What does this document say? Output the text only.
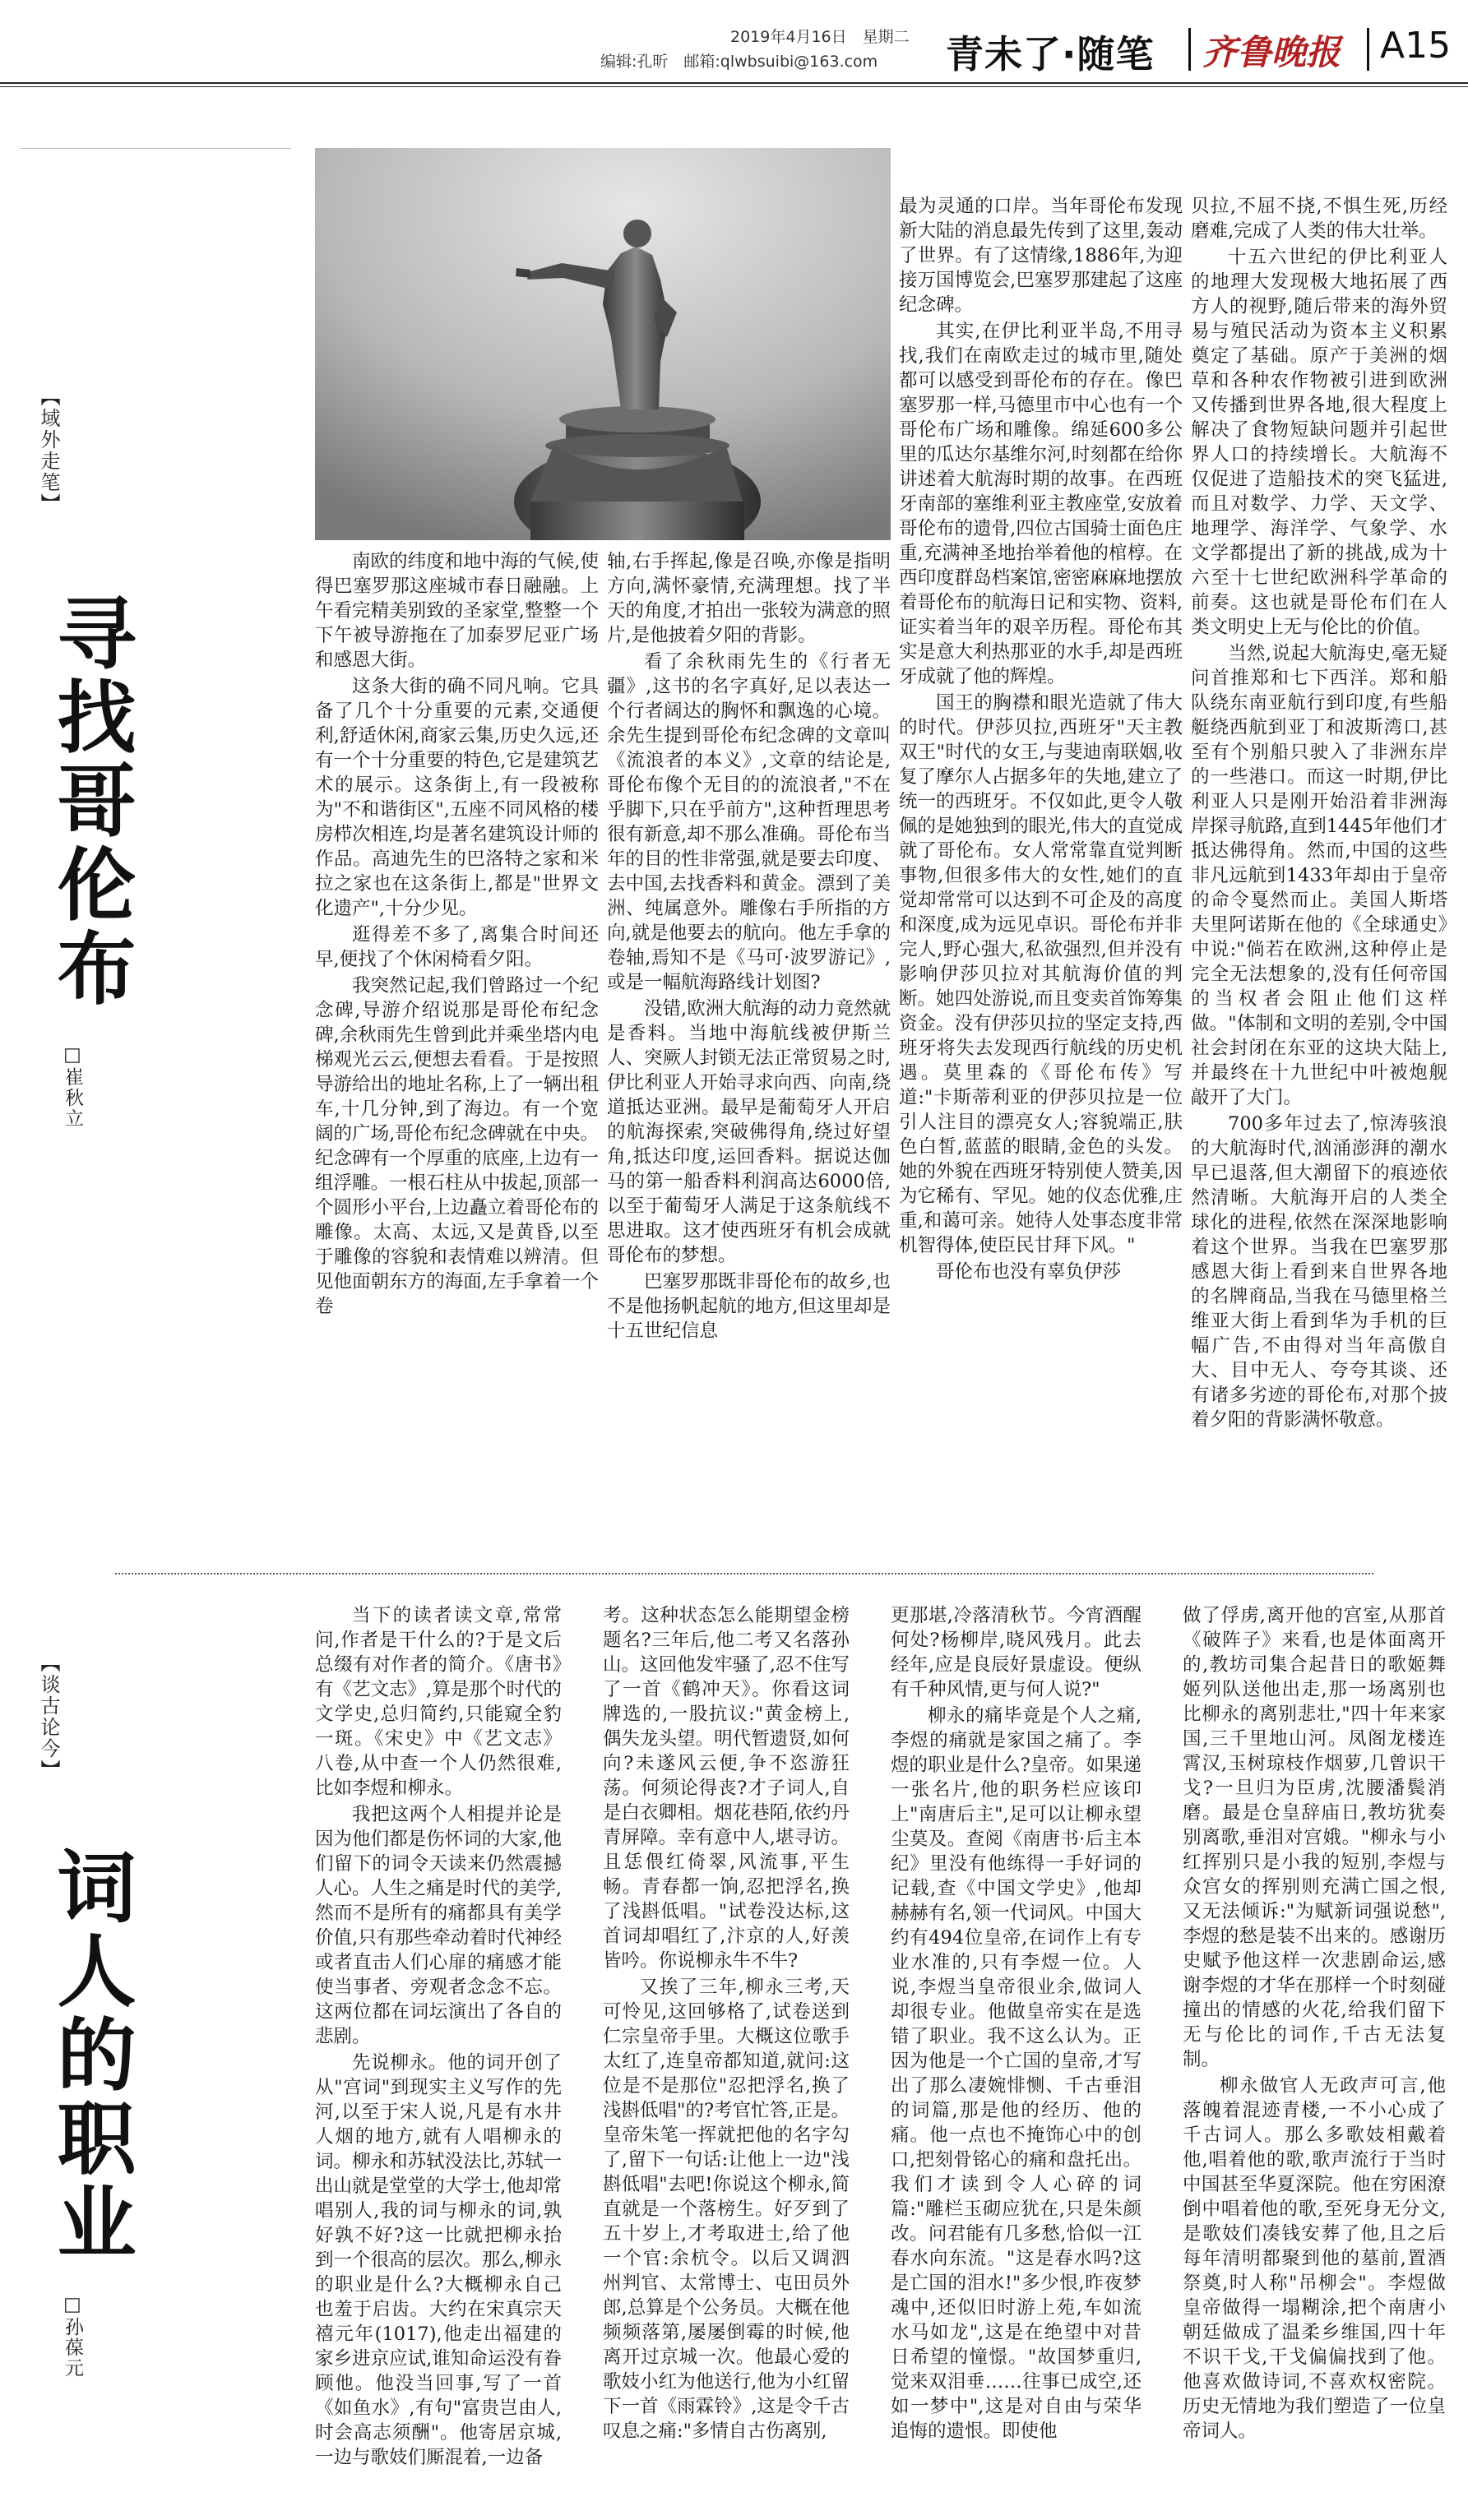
2019年4月16日　星期二
编辑:孔昕　邮箱:qlwbsuibi@163.com 青未了·随笔 齐鲁晚报 A15
【域外走笔】
寻找哥伦布
□崔秋立

南欧的纬度和地中海的气候,使得巴塞罗那这座城市春日融融。上午看完精美别致的圣家堂,整整一个下午被导游拖在了加泰罗尼亚广场和感恩大街。

这条大街的确不同凡响。它具备了几个十分重要的元素,交通便利,舒适休闲,商家云集,历史久远,还有一个十分重要的特色,它是建筑艺术的展示。这条街上,有一段被称为"不和谐街区",五座不同风格的楼房栉次相连,均是著名建筑设计师的作品。高迪先生的巴洛特之家和米拉之家也在这条街上,都是"世界文化遗产",十分少见。

逛得差不多了,离集合时间还早,便找了个休闲椅看夕阳。

我突然记起,我们曾路过一个纪念碑,导游介绍说那是哥伦布纪念碑,余秋雨先生曾到此并乘坐塔内电梯观光云云,便想去看看。于是按照导游给出的地址名称,上了一辆出租车,十几分钟,到了海边。有一个宽阔的广场,哥伦布纪念碑就在中央。纪念碑有一个厚重的底座,上边有一组浮雕。一根石柱从中拔起,顶部一个圆形小平台,上边矗立着哥伦布的雕像。太高、太远,又是黄昏,以至于雕像的容貌和表情难以辨清。但见他面朝东方的海面,左手拿着一个卷

轴,右手挥起,像是召唤,亦像是指明方向,满怀豪情,充满理想。找了半天的角度,才拍出一张较为满意的照片,是他披着夕阳的背影。

看了余秋雨先生的《行者无疆》,这书的名字真好,足以表达一个行者阔达的胸怀和飘逸的心境。余先生提到哥伦布纪念碑的文章叫《流浪者的本义》,文章的结论是,哥伦布像个无目的的流浪者,"不在乎脚下,只在乎前方",这种哲理思考很有新意,却不那么准确。哥伦布当年的目的性非常强,就是要去印度、去中国,去找香料和黄金。漂到了美洲、纯属意外。雕像右手所指的方向,就是他要去的航向。他左手拿的卷轴,焉知不是《马可·波罗游记》,或是一幅航海路线计划图?

没错,欧洲大航海的动力竟然就是香料。当地中海航线被伊斯兰人、突厥人封锁无法正常贸易之时,伊比利亚人开始寻求向西、向南,绕道抵达亚洲。最早是葡萄牙人开启的航海探索,突破佛得角,绕过好望角,抵达印度,运回香料。据说达伽马的第一船香料利润高达6000倍,以至于葡萄牙人满足于这条航线不思进取。这才使西班牙有机会成就哥伦布的梦想。

巴塞罗那既非哥伦布的故乡,也不是他扬帆起航的地方,但这里却是十五世纪信息

最为灵通的口岸。当年哥伦布发现新大陆的消息最先传到了这里,轰动了世界。有了这情缘,1886年,为迎接万国博览会,巴塞罗那建起了这座纪念碑。

其实,在伊比利亚半岛,不用寻找,我们在南欧走过的城市里,随处都可以感受到哥伦布的存在。像巴塞罗那一样,马德里市中心也有一个哥伦布广场和雕像。绵延600多公里的瓜达尔基维尔河,时刻都在给你讲述着大航海时期的故事。在西班牙南部的塞维利亚主教座堂,安放着哥伦布的遗骨,四位古国骑士面色庄重,充满神圣地抬举着他的棺椁。在西印度群岛档案馆,密密麻麻地摆放着哥伦布的航海日记和实物、资料,证实着当年的艰辛历程。哥伦布其实是意大利热那亚的水手,却是西班牙成就了他的辉煌。

国王的胸襟和眼光造就了伟大的时代。伊莎贝拉,西班牙"天主教双王"时代的女王,与斐迪南联姻,收复了摩尔人占据多年的失地,建立了统一的西班牙。不仅如此,更令人敬佩的是她独到的眼光,伟大的直觉成就了哥伦布。女人常常靠直觉判断事物,但很多伟大的女性,她们的直觉却常常可以达到不可企及的高度和深度,成为远见卓识。哥伦布并非完人,野心强大,私欲强烈,但并没有影响伊莎贝拉对其航海价值的判断。她四处游说,而且变卖首饰筹集资金。没有伊莎贝拉的坚定支持,西班牙将失去发现西行航线的历史机遇。莫里森的《哥伦布传》写道:"卡斯蒂利亚的伊莎贝拉是一位引人注目的漂亮女人;容貌端正,肤色白皙,蓝蓝的眼睛,金色的头发。她的外貌在西班牙特别使人赞美,因为它稀有、罕见。她的仪态优雅,庄重,和蔼可亲。她待人处事态度非常机智得体,使臣民甘拜下风。"

哥伦布也没有辜负伊莎

贝拉,不屈不挠,不惧生死,历经磨难,完成了人类的伟大壮举。

十五六世纪的伊比利亚人的地理大发现极大地拓展了西方人的视野,随后带来的海外贸易与殖民活动为资本主义积累奠定了基础。原产于美洲的烟草和各种农作物被引进到欧洲又传播到世界各地,很大程度上解决了食物短缺问题并引起世界人口的持续增长。大航海不仅促进了造船技术的突飞猛进,而且对数学、力学、天文学、地理学、海洋学、气象学、水文学都提出了新的挑战,成为十六至十七世纪欧洲科学革命的前奏。这也就是哥伦布们在人类文明史上无与伦比的价值。

当然,说起大航海史,毫无疑问首推郑和七下西洋。郑和船队绕东南亚航行到印度,有些船艇绕西航到亚丁和波斯湾口,甚至有个别船只驶入了非洲东岸的一些港口。而这一时期,伊比利亚人只是刚开始沿着非洲海岸探寻航路,直到1445年他们才抵达佛得角。然而,中国的这些非凡远航到1433年却由于皇帝的命令戛然而止。美国人斯塔夫里阿诺斯在他的《全球通史》中说:"倘若在欧洲,这种停止是完全无法想象的,没有任何帝国的当权者会阻止他们这样做。"体制和文明的差别,令中国社会封闭在东亚的这块大陆上,并最终在十九世纪中叶被炮舰敲开了大门。

700多年过去了,惊涛骇浪的大航海时代,汹涌澎湃的潮水早已退落,但大潮留下的痕迹依然清晰。大航海开启的人类全球化的进程,依然在深深地影响着这个世界。当我在巴塞罗那感恩大街上看到来自世界各地的名牌商品,当我在马德里格兰维亚大街上看到华为手机的巨幅广告,不由得对当年高傲自大、目中无人、夸夸其谈、还有诸多劣迹的哥伦布,对那个披着夕阳的背影满怀敬意。

【谈古论今】
词人的职业
□孙葆元

当下的读者读文章,常常问,作者是干什么的?于是文后总缀有对作者的简介。《唐书》有《艺文志》,算是那个时代的文学史,总归简约,只能窥全豹一斑。《宋史》中《艺文志》八卷,从中查一个人仍然很难,比如李煜和柳永。

我把这两个人相提并论是因为他们都是伤怀词的大家,他们留下的词令天读来仍然震撼人心。人生之痛是时代的美学,然而不是所有的痛都具有美学价值,只有那些牵动着时代神经或者直击人们心扉的痛感才能使当事者、旁观者念念不忘。这两位都在词坛演出了各自的悲剧。

先说柳永。他的词开创了从"宫词"到现实主义写作的先河,以至于宋人说,凡是有水井人烟的地方,就有人唱柳永的词。柳永和苏轼没法比,苏轼一出山就是堂堂的大学士,他却常唱别人,我的词与柳永的词,孰好孰不好?这一比就把柳永抬到一个很高的层次。那么,柳永的职业是什么?大概柳永自己也羞于启齿。大约在宋真宗天禧元年(1017),他走出福建的家乡进京应试,谁知命运没有眷顾他。他没当回事,写了一首《如鱼水》,有句"富贵岂由人,时会高志须酬"。他寄居京城,一边与歌妓们厮混着,一边备

考。这种状态怎么能期望金榜题名?三年后,他二考又名落孙山。这回他发牢骚了,忍不住写了一首《鹤冲天》。你看这词牌选的,一股抗议:"黄金榜上,偶失龙头望。明代暂遗贤,如何向?未遂风云便,争不恣游狂荡。何须论得丧?才子词人,自是白衣卿相。烟花巷陌,依约丹青屏障。幸有意中人,堪寻访。且恁偎红倚翠,风流事,平生畅。青春都一饷,忍把浮名,换了浅斟低唱。"试卷没达标,这首词却唱红了,汴京的人,好羡皆吟。你说柳永牛不牛?

又挨了三年,柳永三考,天可怜见,这回够格了,试卷送到仁宗皇帝手里。大概这位歌手太红了,连皇帝都知道,就问:这位是不是那位"忍把浮名,换了浅斟低唱"的?考官忙答,正是。皇帝朱笔一挥就把他的名字勾了,留下一句话:让他上一边"浅斟低唱"去吧!你说这个柳永,简直就是一个落榜生。好歹到了五十岁上,才考取进士,给了他一个官:余杭令。以后又调泗州判官、太常博士、屯田员外郎,总算是个公务员。大概在他频频落第,屡屡倒霉的时候,他离开过京城一次。他最心爱的歌妓小红为他送行,他为小红留下一首《雨霖铃》,这是令千古叹息之痛:"多情自古伤离别,

更那堪,冷落清秋节。今宵酒醒何处?杨柳岸,晓风残月。此去经年,应是良辰好景虚设。便纵有千种风情,更与何人说?"

柳永的痛毕竟是个人之痛,李煜的痛就是家国之痛了。李煜的职业是什么?皇帝。如果递一张名片,他的职务栏应该印上"南唐后主",足可以让柳永望尘莫及。查阅《南唐书·后主本纪》里没有他练得一手好词的记载,查《中国文学史》,他却赫赫有名,领一代词风。中国大约有494位皇帝,在词作上有专业水准的,只有李煜一位。人说,李煜当皇帝很业余,做词人却很专业。他做皇帝实在是选错了职业。我不这么认为。正因为他是一个亡国的皇帝,才写出了那么凄婉悱恻、千古垂泪的词篇,那是他的经历、他的痛。他一点也不掩饰心中的创口,把刻骨铭心的痛和盘托出。我们才读到令人心碎的词篇:"雕栏玉砌应犹在,只是朱颜改。问君能有几多愁,恰似一江春水向东流。"这是春水吗?这是亡国的泪水!"多少恨,昨夜梦魂中,还似旧时游上苑,车如流水马如龙",这是在绝望中对昔日希望的憧憬。"故国梦重归,觉来双泪垂……往事已成空,还如一梦中",这是对自由与荣华追悔的遗恨。即使他

做了俘虏,离开他的宫室,从那首《破阵子》来看,也是体面离开的,教坊司集合起昔日的歌姬舞姬列队送他出走,那一场离别也比柳永的离别悲壮,"四十年来家国,三千里地山河。凤阁龙楼连霄汉,玉树琼枝作烟萝,几曾识干戈?一旦归为臣虏,沈腰潘鬓消磨。最是仓皇辞庙日,教坊犹奏别离歌,垂泪对宫娥。"柳永与小红挥别只是小我的短别,李煜与众宫女的挥别则充满亡国之恨,又无法倾诉:"为赋新词强说愁",李煜的愁是装不出来的。感谢历史赋予他这样一次悲剧命运,感谢李煜的才华在那样一个时刻碰撞出的情感的火花,给我们留下无与伦比的词作,千古无法复制。

柳永做官人无政声可言,他落魄着混迹青楼,一不小心成了千古词人。那么多歌妓相戴着他,唱着他的歌,歌声流行于当时中国甚至华夏深院。他在穷困潦倒中唱着他的歌,至死身无分文,是歌妓们凑钱安葬了他,且之后每年清明都聚到他的墓前,置酒祭奠,时人称"吊柳会"。李煜做皇帝做得一塌糊涂,把个南唐小朝廷做成了温柔乡维国,四十年不识干戈,干戈偏偏找到了他。他喜欢做诗词,不喜欢权密院。历史无情地为我们塑造了一位皇帝词人。
